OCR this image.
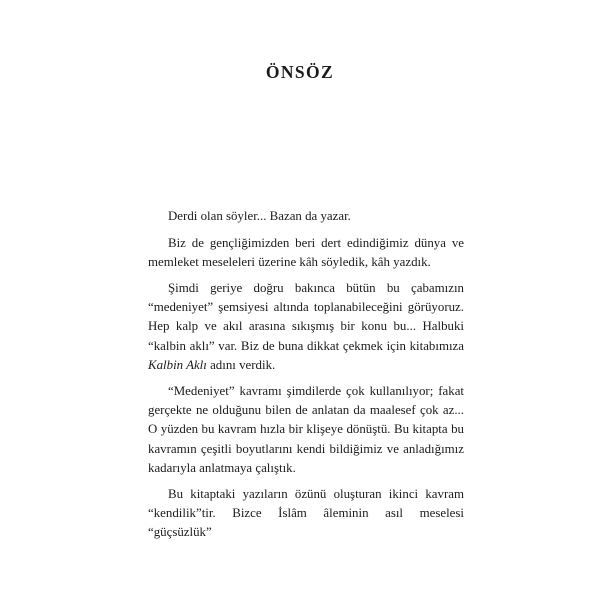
ÖNSÖZ

Derdi olan söyler... Bazan da yazar.

Biz de gençliğimizden beri dert edindiğimiz dünya ve memleket meseleleri üzerine kâh söyledik, kâh yazdık.

Şimdi geriye doğru bakınca bütün bu çabamızın “medeniyet” şemsiyesi altında toplanabileceğini görüyoruz. Hep kalp ve akıl arasına sıkışmış bir konu bu... Halbuki “kalbin aklı” var. Biz de buna dikkat çekmek için kitabımıza Kalbin Aklı adını verdik.

“Medeniyet” kavramı şimdilerde çok kullanılıyor; fakat gerçekte ne olduğunu bilen de anlatan da maalesef çok az... O yüzden bu kavram hızla bir klişeye dönüştü. Bu kitapta bu kavramın çeşitli boyutlarını kendi bildiğimiz ve anladığımız kadarıyla anlatmaya çalıştık.

Bu kitaptaki yazıların özünü oluşturan ikinci kavram “kendilik”tir. Bizce İslâm âleminin asıl meselesi “güçsüzlük”
